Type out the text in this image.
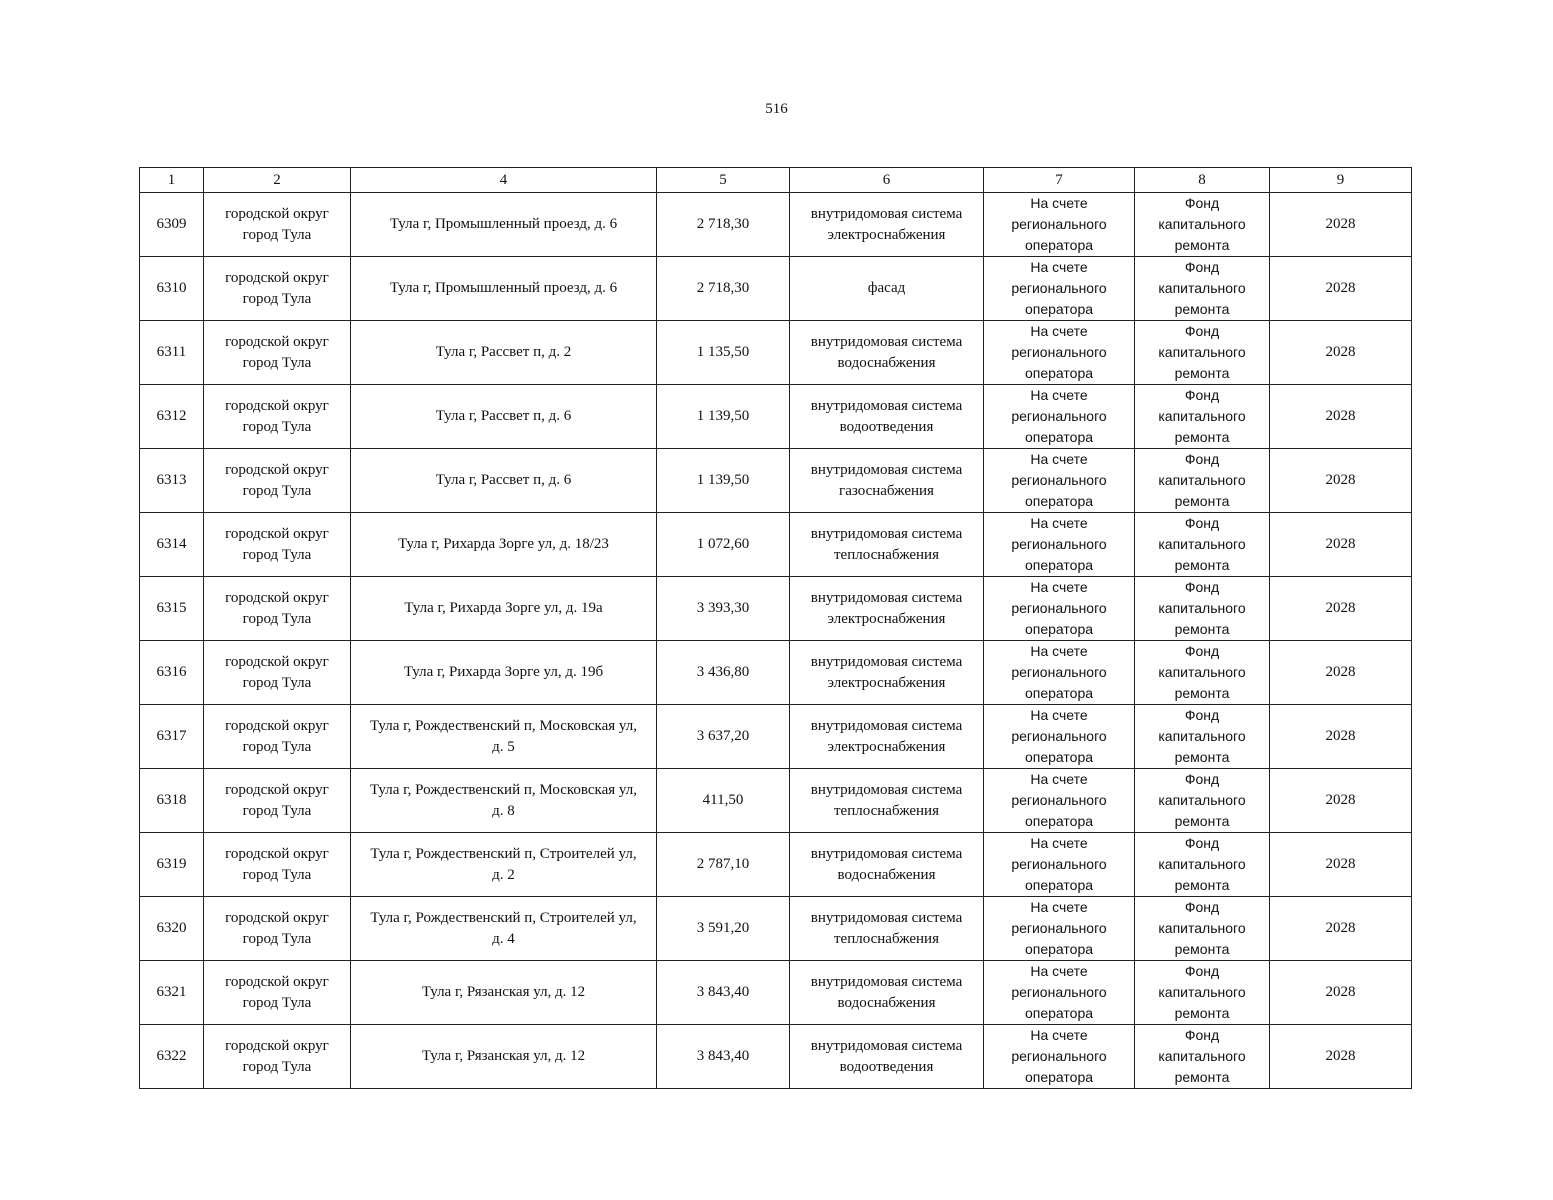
516
1	2	4	5	6	7	8	9

6309	городской округ
город Тула	Тула г, Промышленный проезд, д. 6	2 718,30	внутридомовая система
электроснабжения	На счете
регионального
оператора	Фонд
капитального
ремонта	2028

6310	городской округ
город Тула	Тула г, Промышленный проезд, д. 6	2 718,30	фасад	На счете
регионального
оператора	Фонд
капитального
ремонта	2028

6311	городской округ
город Тула	Тула г, Рассвет п, д. 2	1 135,50	внутридомовая система
водоснабжения	На счете
регионального
оператора	Фонд
капитального
ремонта	2028

6312	городской округ
город Тула	Тула г, Рассвет п, д. 6	1 139,50	внутридомовая система
водоотведения	На счете
регионального
оператора	Фонд
капитального
ремонта	2028

6313	городской округ
город Тула	Тула г, Рассвет п, д. 6	1 139,50	внутридомовая система
газоснабжения	На счете
регионального
оператора	Фонд
капитального
ремонта	2028

6314	городской округ
город Тула	Тула г, Рихарда Зорге ул, д. 18/23	1 072,60	внутридомовая система
теплоснабжения	На счете
регионального
оператора	Фонд
капитального
ремонта	2028

6315	городской округ
город Тула	Тула г, Рихарда Зорге ул, д. 19а	3 393,30	внутридомовая система
электроснабжения	На счете
регионального
оператора	Фонд
капитального
ремонта	2028

6316	городской округ
город Тула	Тула г, Рихарда Зорге ул, д. 19б	3 436,80	внутридомовая система
электроснабжения	На счете
регионального
оператора	Фонд
капитального
ремонта	2028

6317	городской округ
город Тула	Тула г, Рождественский п, Московская ул,
д. 5	3 637,20	внутридомовая система
электроснабжения	На счете
регионального
оператора	Фонд
капитального
ремонта	2028

6318	городской округ
город Тула	Тула г, Рождественский п, Московская ул,
д. 8	411,50	внутридомовая система
теплоснабжения	На счете
регионального
оператора	Фонд
капитального
ремонта	2028

6319	городской округ
город Тула	Тула г, Рождественский п, Строителей ул,
д. 2	2 787,10	внутридомовая система
водоснабжения	На счете
регионального
оператора	Фонд
капитального
ремонта	2028

6320	городской округ
город Тула	Тула г, Рождественский п, Строителей ул,
д. 4	3 591,20	внутридомовая система
теплоснабжения	На счете
регионального
оператора	Фонд
капитального
ремонта	2028

6321	городской округ
город Тула	Тула г, Рязанская ул, д. 12	3 843,40	внутридомовая система
водоснабжения	На счете
регионального
оператора	Фонд
капитального
ремонта	2028

6322	городской округ
город Тула	Тула г, Рязанская ул, д. 12	3 843,40	внутридомовая система
водоотведения	На счете
регионального
оператора	Фонд
капитального
ремонта	2028
